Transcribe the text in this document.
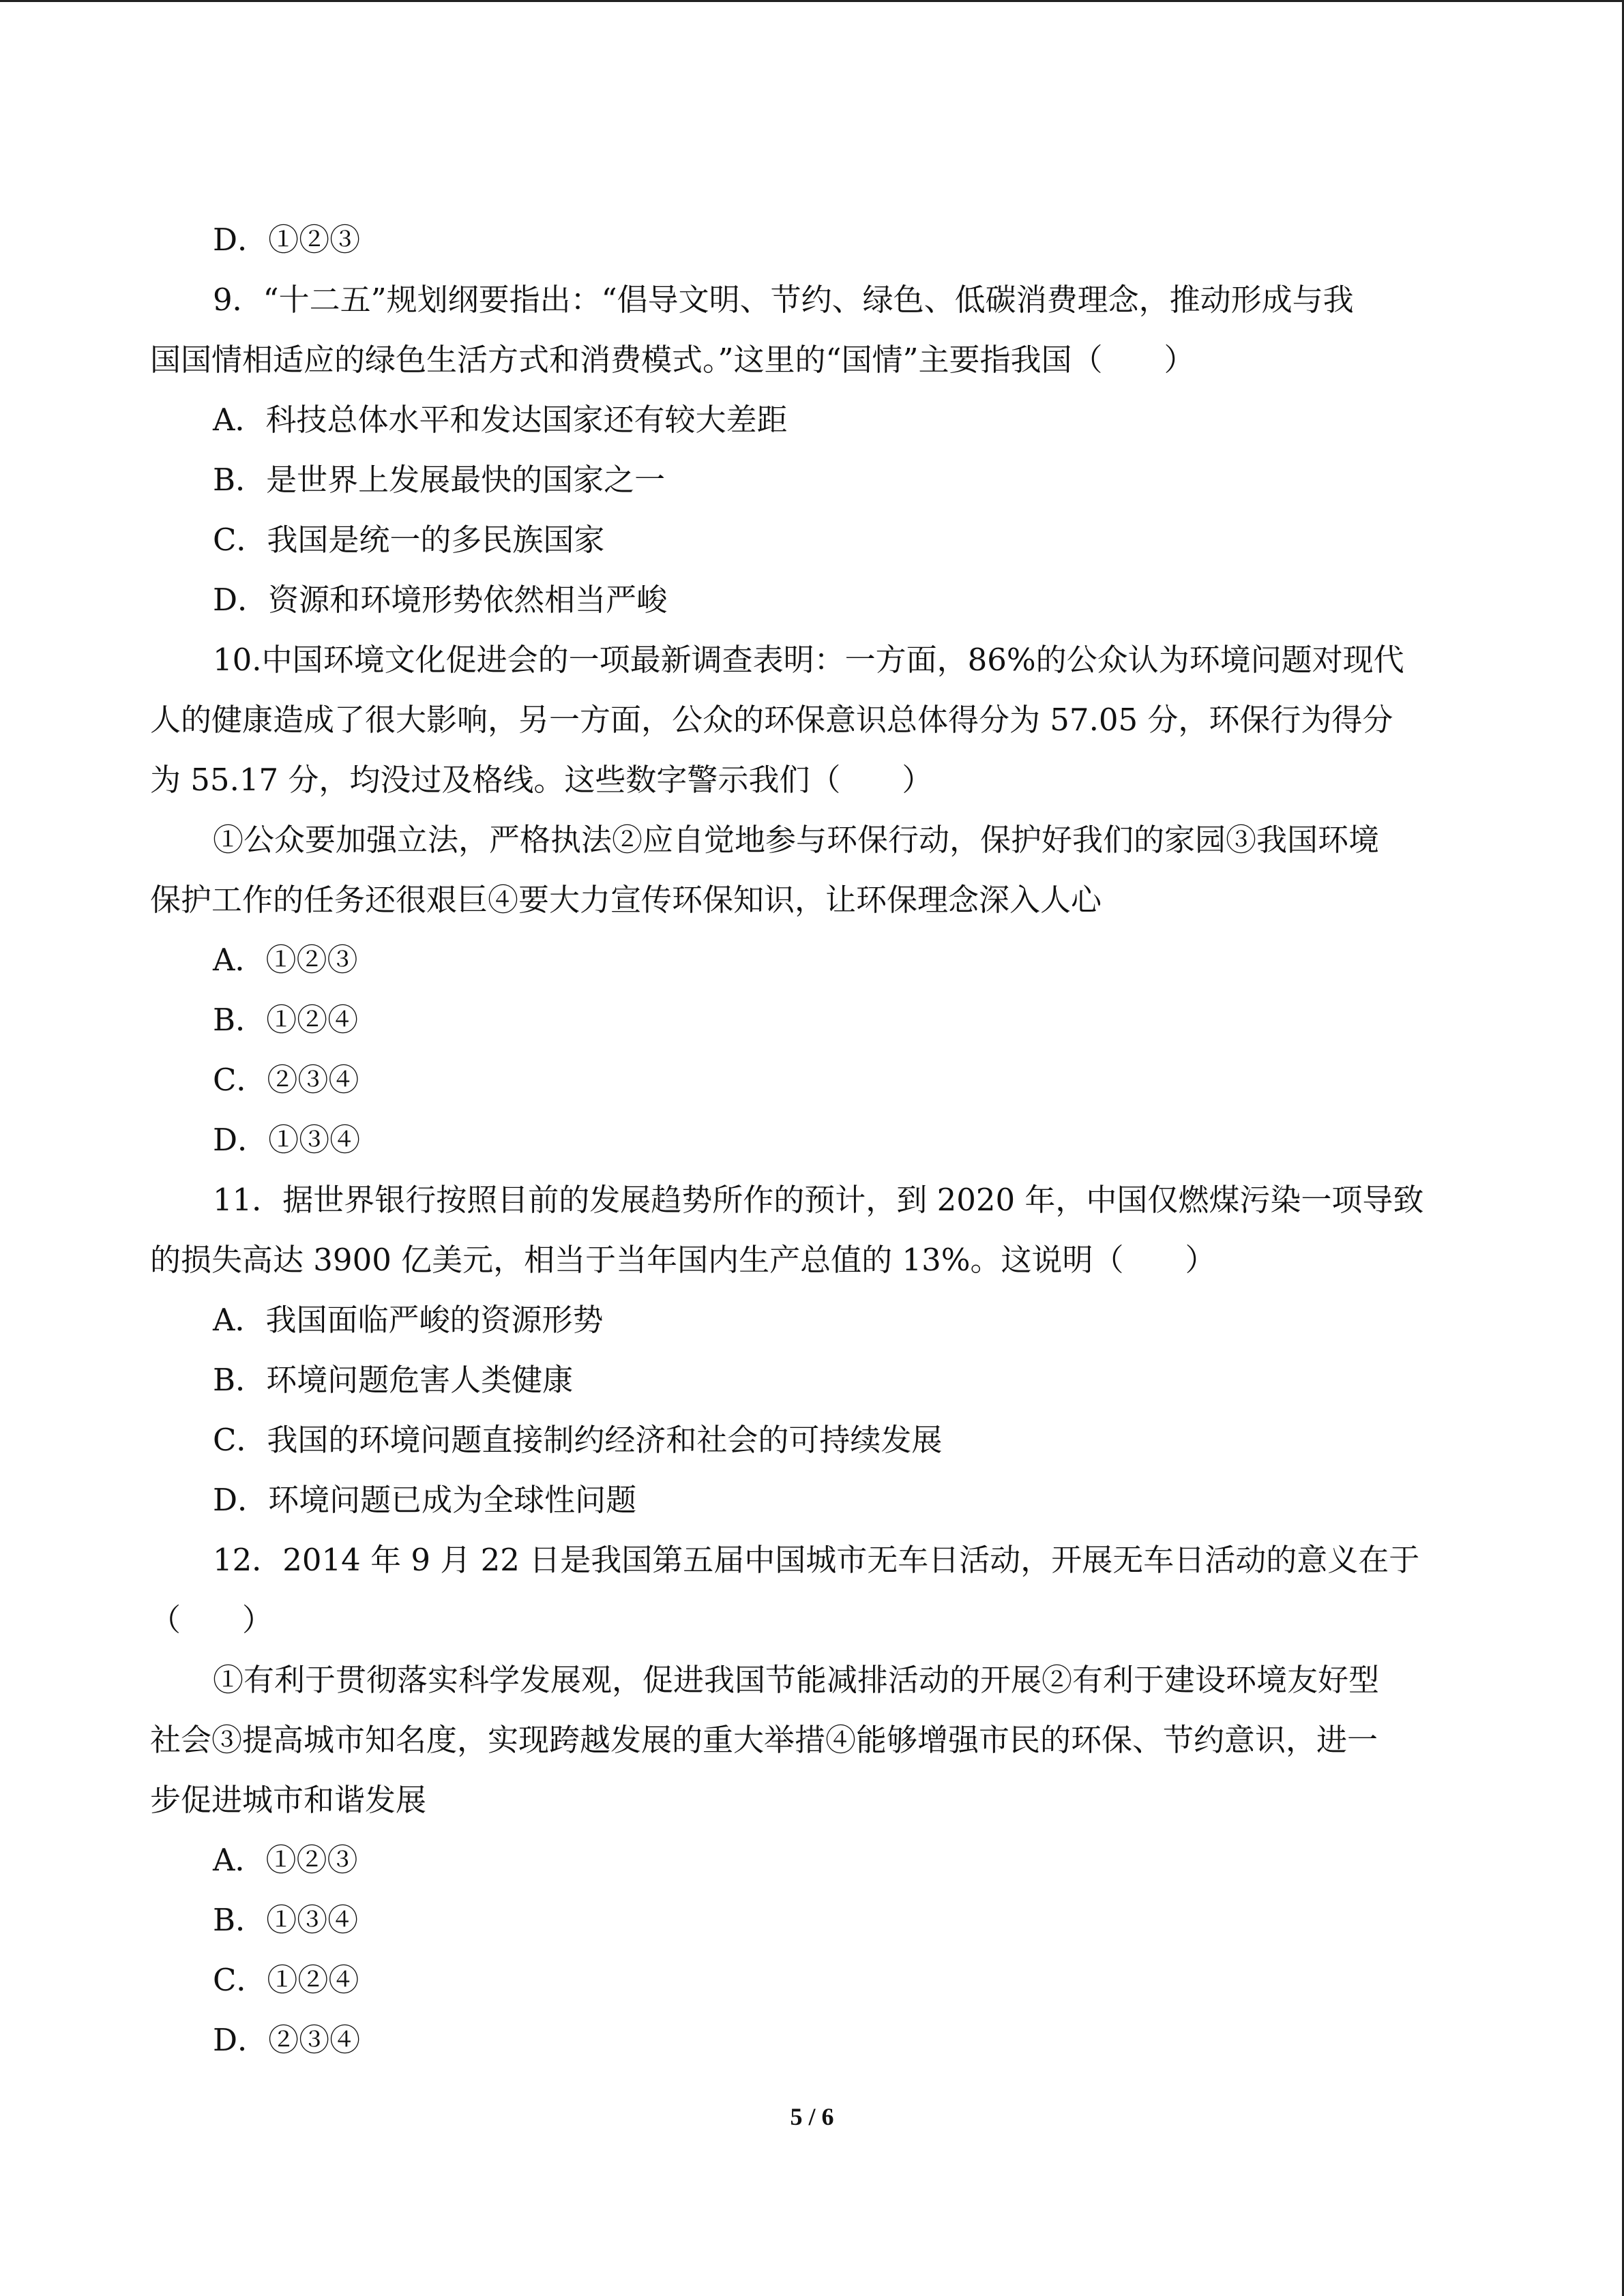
D．①②③
9．“十二五”规划纲要指出：“倡导文明、节约、绿色、低碳消费理念，推动形成与我
国国情相适应的绿色生活方式和消费模式。”这里的“国情”主要指我国（　　）
A．科技总体水平和发达国家还有较大差距
B．是世界上发展最快的国家之一
C．我国是统一的多民族国家
D．资源和环境形势依然相当严峻
10.中国环境文化促进会的一项最新调查表明：一方面，86%的公众认为环境问题对现代
人的健康造成了很大影响，另一方面，公众的环保意识总体得分为 57.05 分，环保行为得分
为 55.17 分，均没过及格线。这些数字警示我们（　　）
①公众要加强立法，严格执法②应自觉地参与环保行动，保护好我们的家园③我国环境
保护工作的任务还很艰巨④要大力宣传环保知识，让环保理念深入人心
A．①②③
B．①②④
C．②③④
D．①③④
11．据世界银行按照目前的发展趋势所作的预计，到 2020 年，中国仅燃煤污染一项导致
的损失高达 3900 亿美元，相当于当年国内生产总值的 13%。这说明（　　）
A．我国面临严峻的资源形势
B．环境问题危害人类健康
C．我国的环境问题直接制约经济和社会的可持续发展
D．环境问题已成为全球性问题
12．2014 年 9 月 22 日是我国第五届中国城市无车日活动，开展无车日活动的意义在于
（　　）
①有利于贯彻落实科学发展观，促进我国节能减排活动的开展②有利于建设环境友好型
社会③提高城市知名度，实现跨越发展的重大举措④能够增强市民的环保、节约意识，进一
步促进城市和谐发展
A．①②③
B．①③④
C．①②④
D．②③④
5 / 6
